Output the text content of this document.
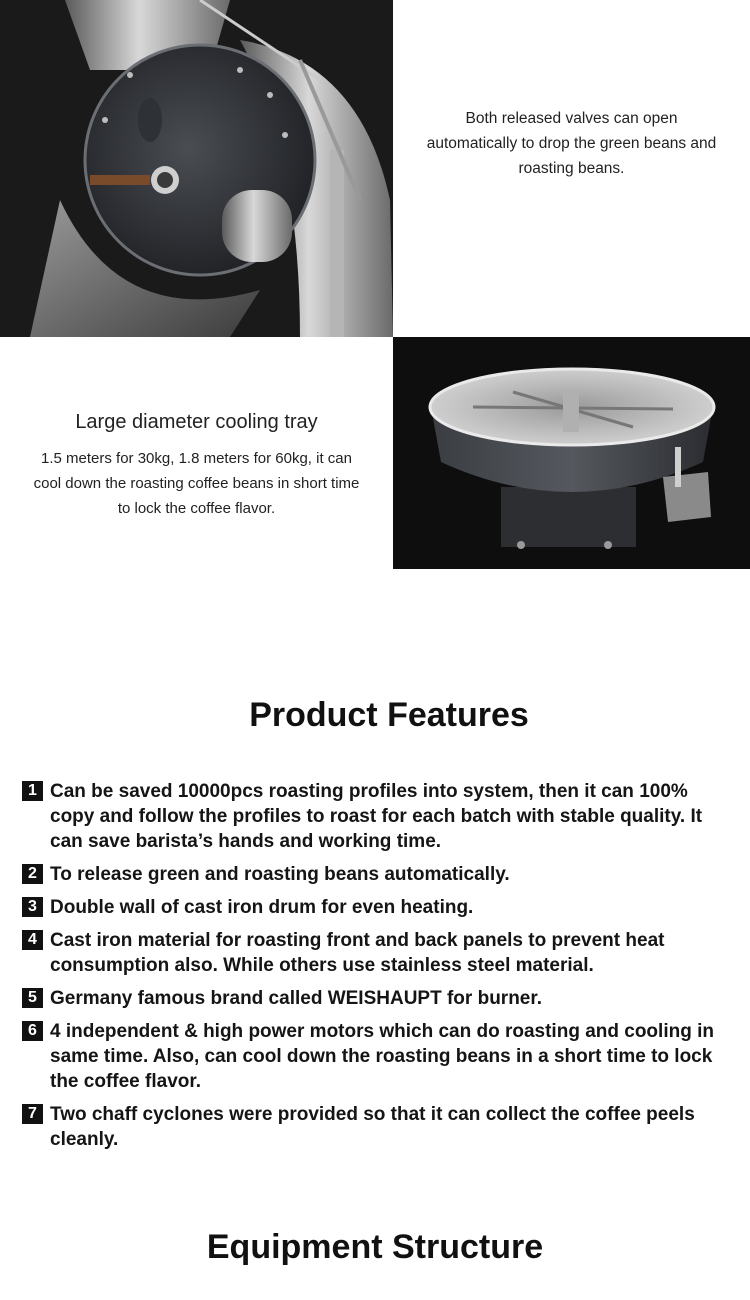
Both released valves can open automatically to drop the green beans and roasting beans.

Large diameter cooling tray

1.5 meters for 30kg, 1.8 meters for 60kg, it can cool down the roasting coffee beans in short time to lock the coffee flavor.

Product Features
1 Can be saved 10000pcs roasting profiles into system, then it can 100% copy and follow the profiles to roast for each batch with stable quality. It can save barista’s hands and working time.
2 To release green and roasting beans automatically.
3 Double wall of cast iron drum for even heating.
4 Cast iron material for roasting front and back panels to prevent heat consumption also. While others use stainless steel material.
5 Germany famous brand called WEISHAUPT for burner.
6 4 independent & high power motors which can do roasting and cooling in same time. Also, can cool down the roasting beans in a short time to lock the coffee flavor.
7 Two chaff cyclones were provided so that it can collect the coffee peels cleanly.
Equipment Structure
